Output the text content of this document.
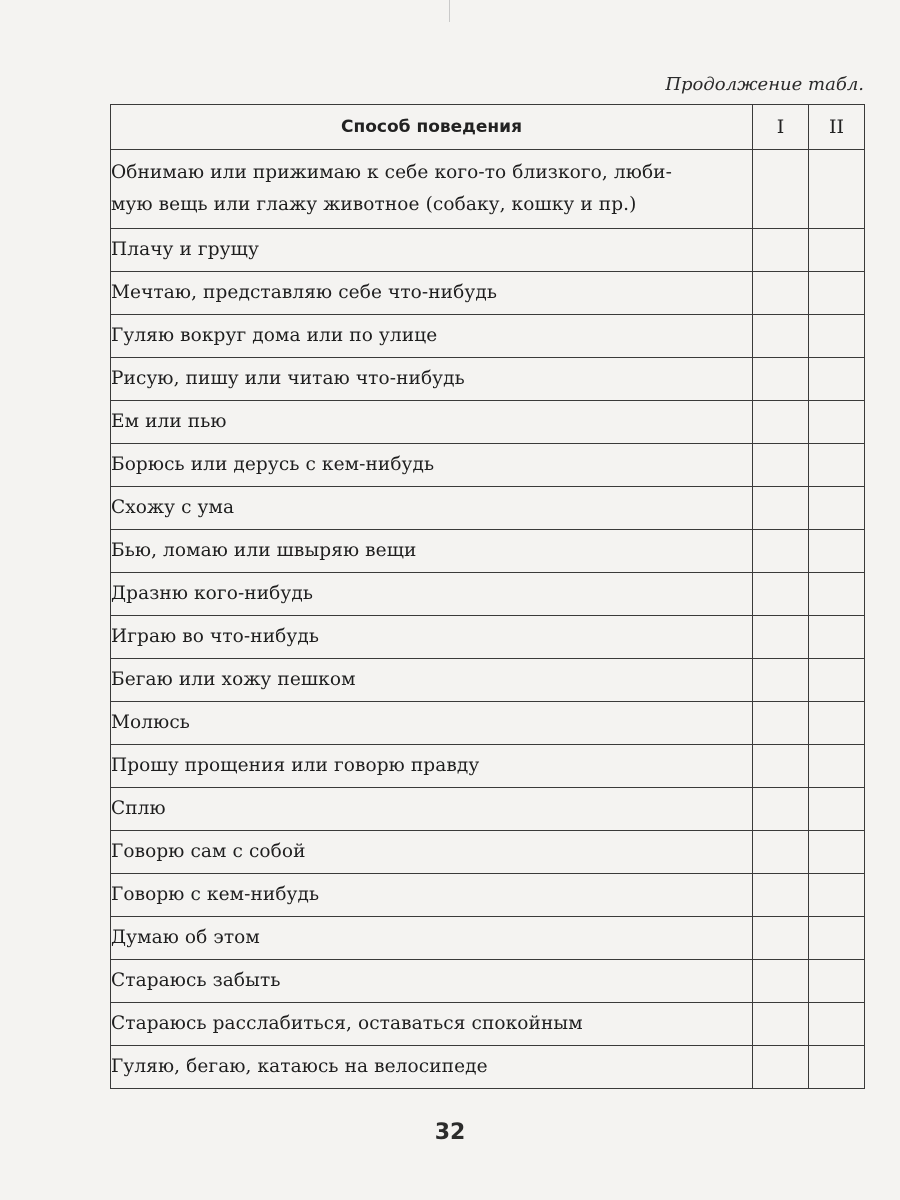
Продолжение табл.
Способ поведения	I	II
Обнимаю или прижимаю к себе кого-то близкого, люби-
мую вещь или глажу животное (собаку, кошку и пр.)		
Плачу и грущу		
Мечтаю, представляю себе что-нибудь		
Гуляю вокруг дома или по улице		
Рисую, пишу или читаю что-нибудь		
Ем или пью		
Борюсь или дерусь с кем-нибудь		
Схожу с ума		
Бью, ломаю или швыряю вещи		
Дразню кого-нибудь		
Играю во что-нибудь		
Бегаю или хожу пешком		
Молюсь		
Прошу прощения или говорю правду		
Сплю		
Говорю сам с собой		
Говорю с кем-нибудь		
Думаю об этом		
Стараюсь забыть		
Стараюсь расслабиться, оставаться спокойным		
Гуляю, бегаю, катаюсь на велосипеде		
32
